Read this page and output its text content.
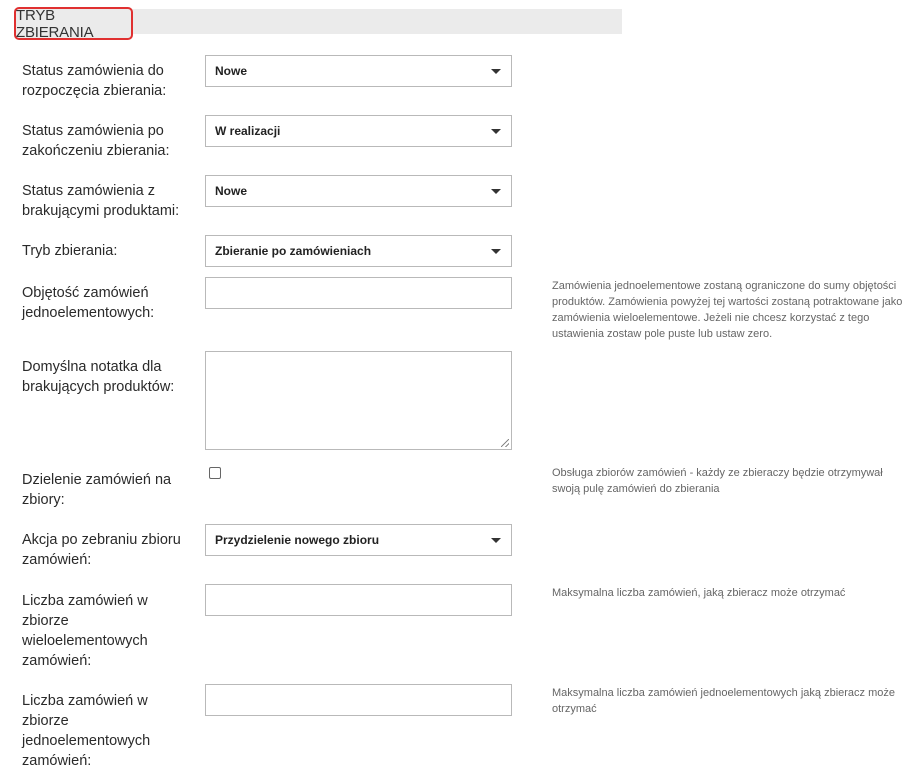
TRYB ZBIERANIA
Status zamówienia do rozpoczęcia zbierania:
Nowe
Status zamówienia po zakończeniu zbierania:
W realizacji
Status zamówienia z brakującymi produktami:
Nowe
Tryb zbierania:	Zbieranie po zamówieniach
Objętość zamówień jednoelementowych:
Zamówienia jednoelementowe zostaną ograniczone do sumy objętości produktów. Zamówienia powyżej tej wartości zostaną potraktowane jako zamówienia wieloelementowe. Jeżeli nie chcesz korzystać z tego ustawienia zostaw pole puste lub ustaw zero.
Domyślna notatka dla brakujących produktów:
Dzielenie zamówień na zbiory:
Obsługa zbiorów zamówień - każdy ze zbieraczy będzie otrzymywał swoją pulę zamówień do zbierania
Akcja po zebraniu zbioru zamówień:
Przydzielenie nowego zbioru
Liczba zamówień w zbiorze wieloelementowych zamówień:
Maksymalna liczba zamówień, jaką zbieracz może otrzymać
Liczba zamówień w zbiorze jednoelementowych zamówień:
Maksymalna liczba zamówień jednoelementowych jaką zbieracz może otrzymać
